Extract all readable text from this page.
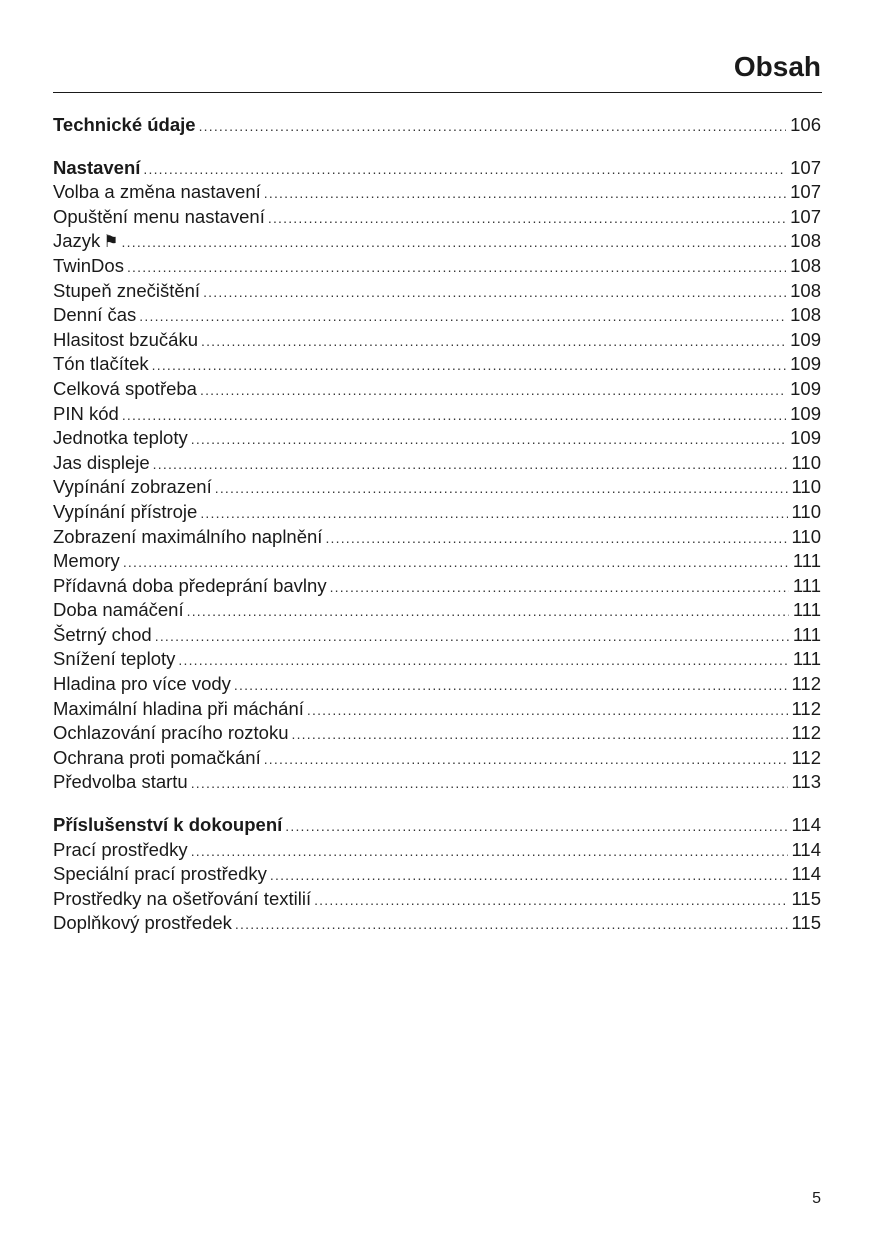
Obsah
Technické údaje .....	106
Nastavení .....	107
Volba a změna nastavení .....	107
Opuštění menu nastavení .....	107
Jazyk ⚑ .....	108
TwinDos .....	108
Stupeň znečištění .....	108
Denní čas .....	108
Hlasitost bzučáku .....	109
Tón tlačítek .....	109
Celková spotřeba .....	109
PIN kód .....	109
Jednotka teploty .....	109
Jas displeje .....	110
Vypínání zobrazení .....	110
Vypínání přístroje .....	110
Zobrazení maximálního naplnění .....	110
Memory .....	111
Přídavná doba předeprání bavlny .....	111
Doba namáčení .....	111
Šetrný chod .....	111
Snížení teploty .....	111
Hladina pro více vody .....	112
Maximální hladina při máchání .....	112
Ochlazování pracího roztoku .....	112
Ochrana proti pomačkání .....	112
Předvolba startu .....	113
Příslušenství k dokoupení .....	114
Prací prostředky .....	114
Speciální prací prostředky .....	114
Prostředky na ošetřování textilií .....	115
Doplňkový prostředek .....	115
5
